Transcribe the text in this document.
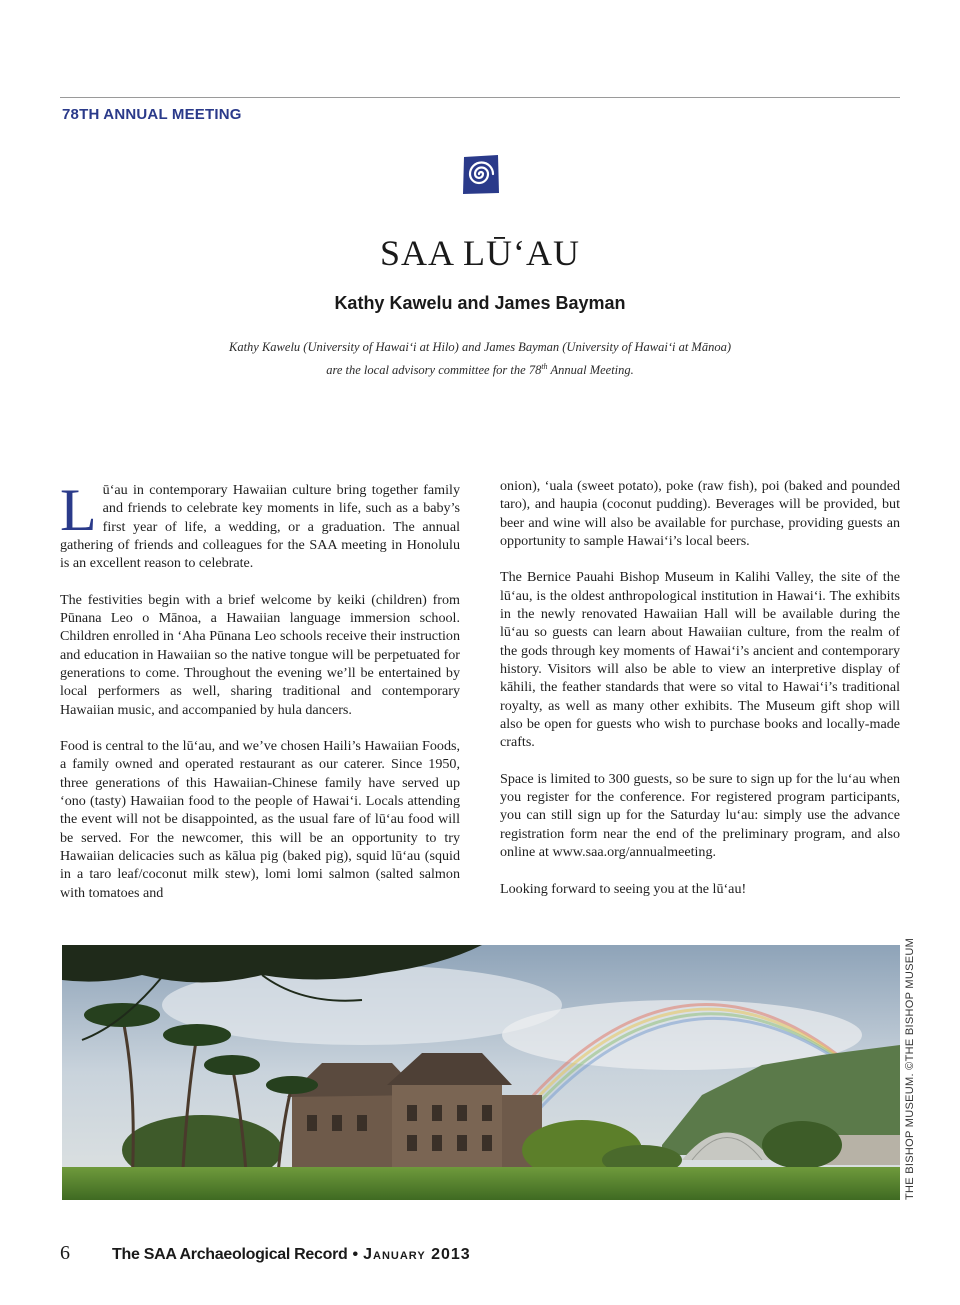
78TH ANNUAL MEETING
SAA LŪʻAU
Kathy Kawelu and James Bayman
Kathy Kawelu (University of Hawaiʻi at Hilo) and James Bayman (University of Hawaiʻi at Mānoa)
are the local advisory committee for the 78th Annual Meeting.

Lūʻau in contemporary Hawaiian culture bring together family and friends to celebrate key moments in life, such as a baby’s first year of life, a wedding, or a graduation. The annual gathering of friends and colleagues for the SAA meeting in Honolulu is an excellent reason to celebrate.

The festivities begin with a brief welcome by keiki (children) from Pūnana Leo o Mānoa, a Hawaiian language immersion school. Children enrolled in ʻAha Pūnana Leo schools receive their instruction and education in Hawaiian so the native tongue will be perpetuated for generations to come. Throughout the evening we’ll be entertained by local performers as well, sharing traditional and contemporary Hawaiian music, and accompanied by hula dancers.

Food is central to the lūʻau, and we’ve chosen Haili’s Hawaiian Foods, a family owned and operated restaurant as our caterer. Since 1950, three generations of this Hawaiian-Chinese family have served up ʻono (tasty) Hawaiian food to the people of Hawaiʻi. Locals attending the event will not be disappointed, as the usual fare of lūʻau food will be served. For the newcomer, this will be an opportunity to try Hawaiian delicacies such as kālua pig (baked pig), squid lūʻau (squid in a taro leaf/coconut milk stew), lomi lomi salmon (salted salmon with tomatoes and

onion), ʻuala (sweet potato), poke (raw fish), poi (baked and pounded taro), and haupia (coconut pudding). Beverages will be provided, but beer and wine will also be available for purchase, providing guests an opportunity to sample Hawaiʻi’s local beers.

The Bernice Pauahi Bishop Museum in Kalihi Valley, the site of the lūʻau, is the oldest anthropological institution in Hawaiʻi. The exhibits in the newly renovated Hawaiian Hall will be available during the lūʻau so guests can learn about Hawaiian culture, from the realm of the gods through key moments of Hawaiʻi’s ancient and contemporary history. Visitors will also be able to view an interpretive display of kāhili, the feather standards that were so vital to Hawaiʻi’s traditional royalty, as well as many other exhibits. The Museum gift shop will also be open for guests who wish to purchase books and locally-made crafts.

Space is limited to 300 guests, so be sure to sign up for the luʻau when you register for the conference. For registered program participants, you can still sign up for the Saturday luʻau: simply use the advance registration form near the end of the preliminary program, and also online at www.saa.org/annualmeeting.

Looking forward to seeing you at the lūʻau!

THE BISHOP MUSEUM. ©THE BISHOP MUSEUM
6	The SAA Archaeological Record • January 2013
